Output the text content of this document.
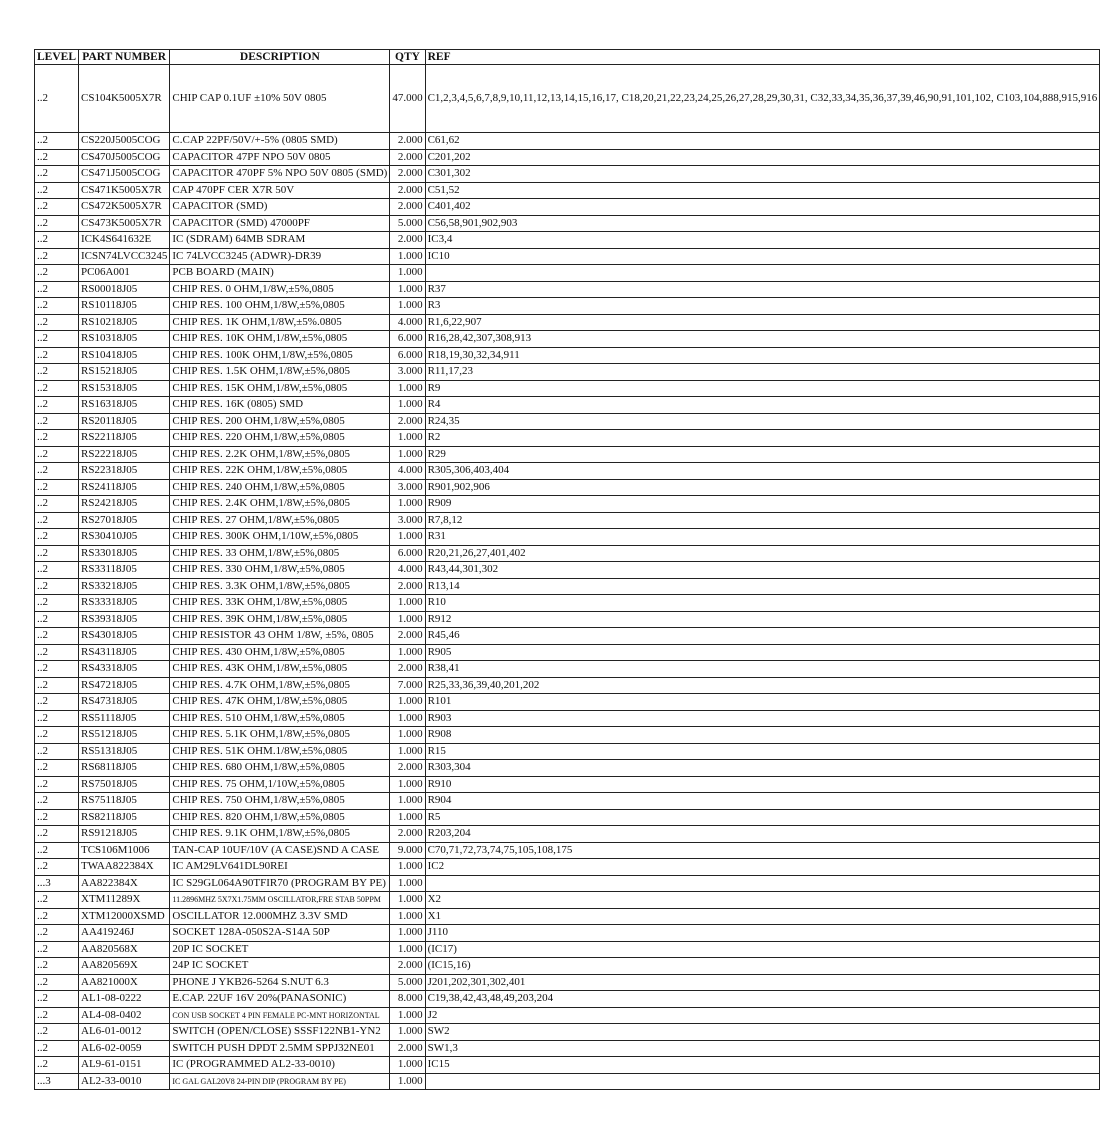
LEVEL	PART NUMBER	DESCRIPTION	QTY	REF
..2	CS104K5005X7R	CHIP CAP 0.1UF ±10% 50V 0805	47.000	C1,2,3,4,5,6,7,8,9,10,11,12,13,14,15,16,17, C18,20,21,22,23,24,25,26,27,28,29,30,31, C32,33,34,35,36,37,39,46,90,91,101,102, C103,104,888,915,916
..2	CS220J5005COG	C.CAP 22PF/50V/+-5% (0805 SMD)	2.000	C61,62
..2	CS470J5005COG	CAPACITOR 47PF NPO 50V 0805	2.000	C201,202
..2	CS471J5005COG	CAPACITOR 470PF 5% NPO 50V 0805 (SMD)	2.000	C301,302
..2	CS471K5005X7R	CAP 470PF CER X7R 50V	2.000	C51,52
..2	CS472K5005X7R	CAPACITOR (SMD)	2.000	C401,402
..2	CS473K5005X7R	CAPACITOR (SMD) 47000PF	5.000	C56,58,901,902,903
..2	ICK4S641632E	IC (SDRAM) 64MB SDRAM	2.000	IC3,4
..2	ICSN74LVCC3245	IC 74LVCC3245 (ADWR)-DR39	1.000	IC10
..2	PC06A001	PCB BOARD (MAIN)	1.000	
..2	RS00018J05	CHIP RES. 0 OHM,1/8W,±5%,0805	1.000	R37
..2	RS10118J05	CHIP RES. 100 OHM,1/8W,±5%,0805	1.000	R3
..2	RS10218J05	CHIP RES. 1K OHM,1/8W,±5%.0805	4.000	R1,6,22,907
..2	RS10318J05	CHIP RES. 10K OHM,1/8W,±5%,0805	6.000	R16,28,42,307,308,913
..2	RS10418J05	CHIP RES. 100K OHM,1/8W,±5%,0805	6.000	R18,19,30,32,34,911
..2	RS15218J05	CHIP RES. 1.5K OHM,1/8W,±5%,0805	3.000	R11,17,23
..2	RS15318J05	CHIP RES. 15K OHM,1/8W,±5%,0805	1.000	R9
..2	RS16318J05	CHIP RES. 16K (0805) SMD	1.000	R4
..2	RS20118J05	CHIP RES. 200 OHM,1/8W,±5%,0805	2.000	R24,35
..2	RS22118J05	CHIP RES. 220 OHM,1/8W,±5%,0805	1.000	R2
..2	RS22218J05	CHIP RES. 2.2K OHM,1/8W,±5%,0805	1.000	R29
..2	RS22318J05	CHIP RES. 22K OHM,1/8W,±5%,0805	4.000	R305,306,403,404
..2	RS24118J05	CHIP RES. 240 OHM,1/8W,±5%,0805	3.000	R901,902,906
..2	RS24218J05	CHIP RES. 2.4K OHM,1/8W,±5%,0805	1.000	R909
..2	RS27018J05	CHIP RES. 27 OHM,1/8W,±5%,0805	3.000	R7,8,12
..2	RS30410J05	CHIP RES. 300K OHM,1/10W,±5%,0805	1.000	R31
..2	RS33018J05	CHIP RES. 33 OHM,1/8W,±5%,0805	6.000	R20,21,26,27,401,402
..2	RS33118J05	CHIP RES. 330 OHM,1/8W,±5%,0805	4.000	R43,44,301,302
..2	RS33218J05	CHIP RES. 3.3K OHM,1/8W,±5%,0805	2.000	R13,14
..2	RS33318J05	CHIP RES. 33K OHM,1/8W,±5%,0805	1.000	R10
..2	RS39318J05	CHIP RES. 39K OHM,1/8W,±5%,0805	1.000	R912
..2	RS43018J05	CHIP RESISTOR 43 OHM 1/8W, ±5%, 0805	2.000	R45,46
..2	RS43118J05	CHIP RES. 430 OHM,1/8W,±5%,0805	1.000	R905
..2	RS43318J05	CHIP RES. 43K OHM,1/8W,±5%,0805	2.000	R38,41
..2	RS47218J05	CHIP RES. 4.7K OHM,1/8W,±5%,0805	7.000	R25,33,36,39,40,201,202
..2	RS47318J05	CHIP RES. 47K OHM,1/8W,±5%,0805	1.000	R101
..2	RS51118J05	CHIP RES. 510 OHM,1/8W,±5%,0805	1.000	R903
..2	RS51218J05	CHIP RES. 5.1K OHM,1/8W,±5%,0805	1.000	R908
..2	RS51318J05	CHIP RES. 51K OHM.1/8W,±5%,0805	1.000	R15
..2	RS68118J05	CHIP RES. 680 OHM,1/8W,±5%,0805	2.000	R303,304
..2	RS75018J05	CHIP RES. 75 OHM,1/10W,±5%,0805	1.000	R910
..2	RS75118J05	CHIP RES. 750 OHM,1/8W,±5%,0805	1.000	R904
..2	RS82118J05	CHIP RES. 820 OHM,1/8W,±5%,0805	1.000	R5
..2	RS91218J05	CHIP RES. 9.1K OHM,1/8W,±5%,0805	2.000	R203,204
..2	TCS106M1006	TAN-CAP 10UF/10V (A CASE)SND A CASE	9.000	C70,71,72,73,74,75,105,108,175
..2	TWAA822384X	IC AM29LV641DL90REI	1.000	IC2
...3	AA822384X	IC S29GL064A90TFIR70 (PROGRAM BY PE)	1.000	
..2	XTM11289X	11.2896MHZ 5X7X1.75MM OSCILLATOR,FRE STAB 50PPM	1.000	X2
..2	XTM12000XSMD	OSCILLATOR 12.000MHZ 3.3V SMD	1.000	X1
..2	AA419246J	SOCKET 128A-050S2A-S14A 50P	1.000	J110
..2	AA820568X	20P IC SOCKET	1.000	(IC17)
..2	AA820569X	24P IC SOCKET	2.000	(IC15,16)
..2	AA821000X	PHONE J YKB26-5264 S.NUT 6.3	5.000	J201,202,301,302,401
..2	AL1-08-0222	E.CAP. 22UF 16V 20%(PANASONIC)	8.000	C19,38,42,43,48,49,203,204
..2	AL4-08-0402	CON USB SOCKET 4 PIN FEMALE PC-MNT HORIZONTAL	1.000	J2
..2	AL6-01-0012	SWITCH (OPEN/CLOSE) SSSF122NB1-YN2	1.000	SW2
..2	AL6-02-0059	SWITCH PUSH DPDT 2.5MM SPPJ32NE01	2.000	SW1,3
..2	AL9-61-0151	IC (PROGRAMMED AL2-33-0010)	1.000	IC15
...3	AL2-33-0010	IC GAL GAL20V8 24-PIN DIP (PROGRAM BY PE)	1.000	
